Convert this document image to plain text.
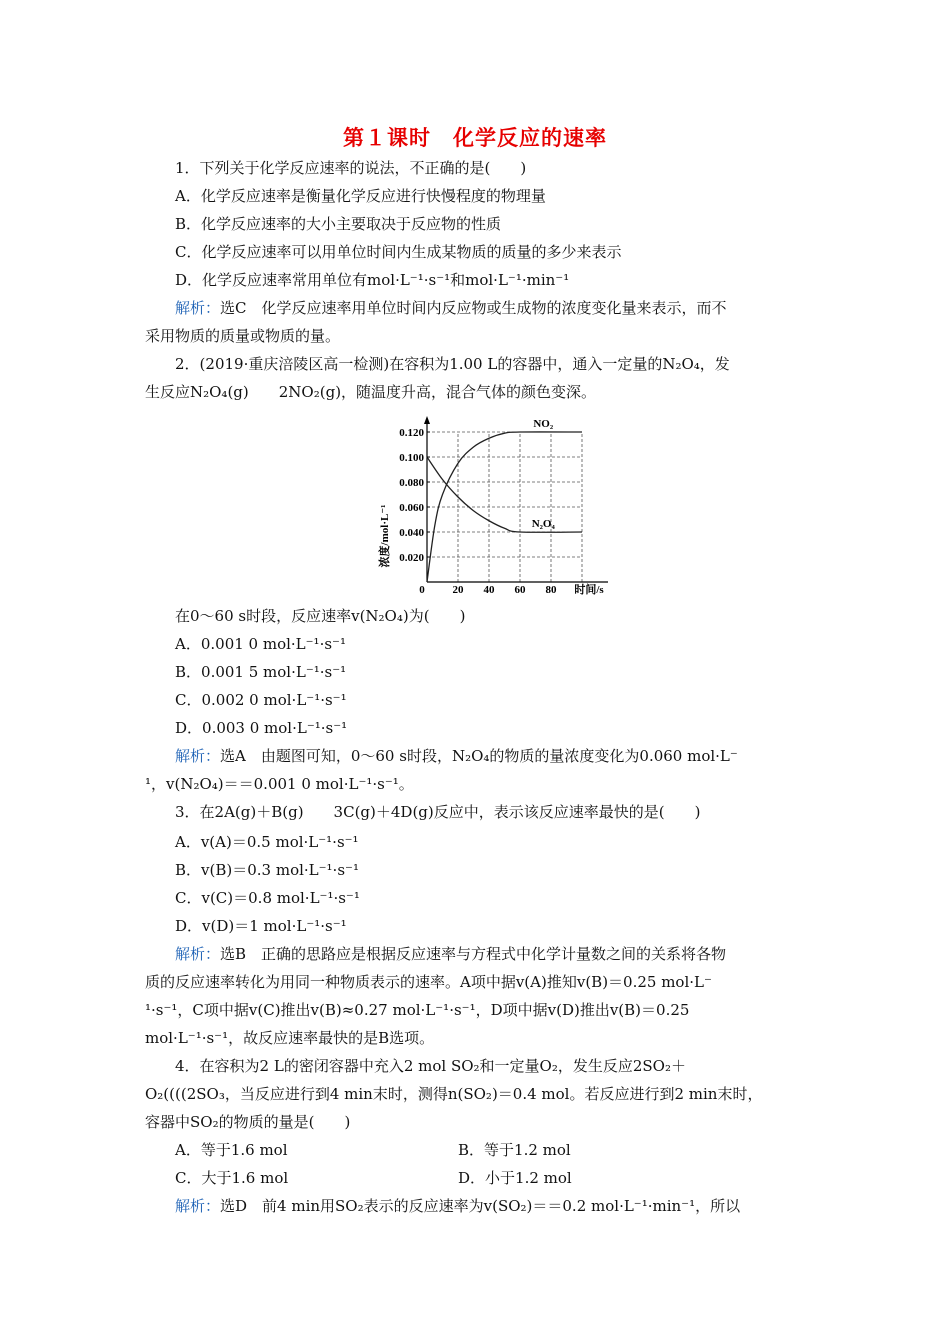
第１课时　化学反应的速率
1．下列关于化学反应速率的说法，不正确的是(　　)
A．化学反应速率是衡量化学反应进行快慢程度的物理量
B．化学反应速率的大小主要取决于反应物的性质
C．化学反应速率可以用单位时间内生成某物质的质量的多少来表示
D．化学反应速率常用单位有mol·L⁻¹·s⁻¹和mol·L⁻¹·min⁻¹
解析：选C　化学反应速率用单位时间内反应物或生成物的浓度变化量来表示，而不
采用物质的质量或物质的量。
2．(2019·重庆涪陵区高一检测)在容积为1.00 L的容器中，通入一定量的N₂O₄，发
生反应N₂O₄(g)　　2NO₂(g)，随温度升高，混合气体的颜色变深。
NO₂
N₂O₄
浓度/mol·L⁻¹
时间/s
0	20 40 60 80
0.020
0.040
0.060
0.080
0.100
0.120
在0～60 s时段，反应速率v(N₂O₄)为(　　)
A．0.001 0 mol·L⁻¹·s⁻¹
B．0.001 5 mol·L⁻¹·s⁻¹
C．0.002 0 mol·L⁻¹·s⁻¹
D．0.003 0 mol·L⁻¹·s⁻¹
解析：选A　由题图可知，0～60 s时段，N₂O₄的物质的量浓度变化为0.060 mol·L⁻
¹，v(N₂O₄)＝＝0.001 0 mol·L⁻¹·s⁻¹。
3．在2A(g)＋B(g)　　3C(g)＋4D(g)反应中，表示该反应速率最快的是(　　)
A．v(A)＝0.5 mol·L⁻¹·s⁻¹
B．v(B)＝0.3 mol·L⁻¹·s⁻¹
C．v(C)＝0.8 mol·L⁻¹·s⁻¹
D．v(D)＝1 mol·L⁻¹·s⁻¹
解析：选B　正确的思路应是根据反应速率与方程式中化学计量数之间的关系将各物
质的反应速率转化为用同一种物质表示的速率。A项中据v(A)推知v(B)＝0.25 mol·L⁻
¹·s⁻¹，C项中据v(C)推出v(B)≈0.27 mol·L⁻¹·s⁻¹，D项中据v(D)推出v(B)＝0.25
mol·L⁻¹·s⁻¹，故反应速率最快的是B选项。
4．在容积为2 L的密闭容器中充入2 mol SO₂和一定量O₂，发生反应2SO₂＋
O₂((((2SO₃，当反应进行到4 min末时，测得n(SO₂)＝0.4 mol。若反应进行到2 min末时，
容器中SO₂的物质的量是(　　)
A．等于1.6 mol	B．等于1.2 mol
C．大于1.6 mol	D．小于1.2 mol
解析：选D　前4 min用SO₂表示的反应速率为v(SO₂)＝＝0.2 mol·L⁻¹·min⁻¹，所以
